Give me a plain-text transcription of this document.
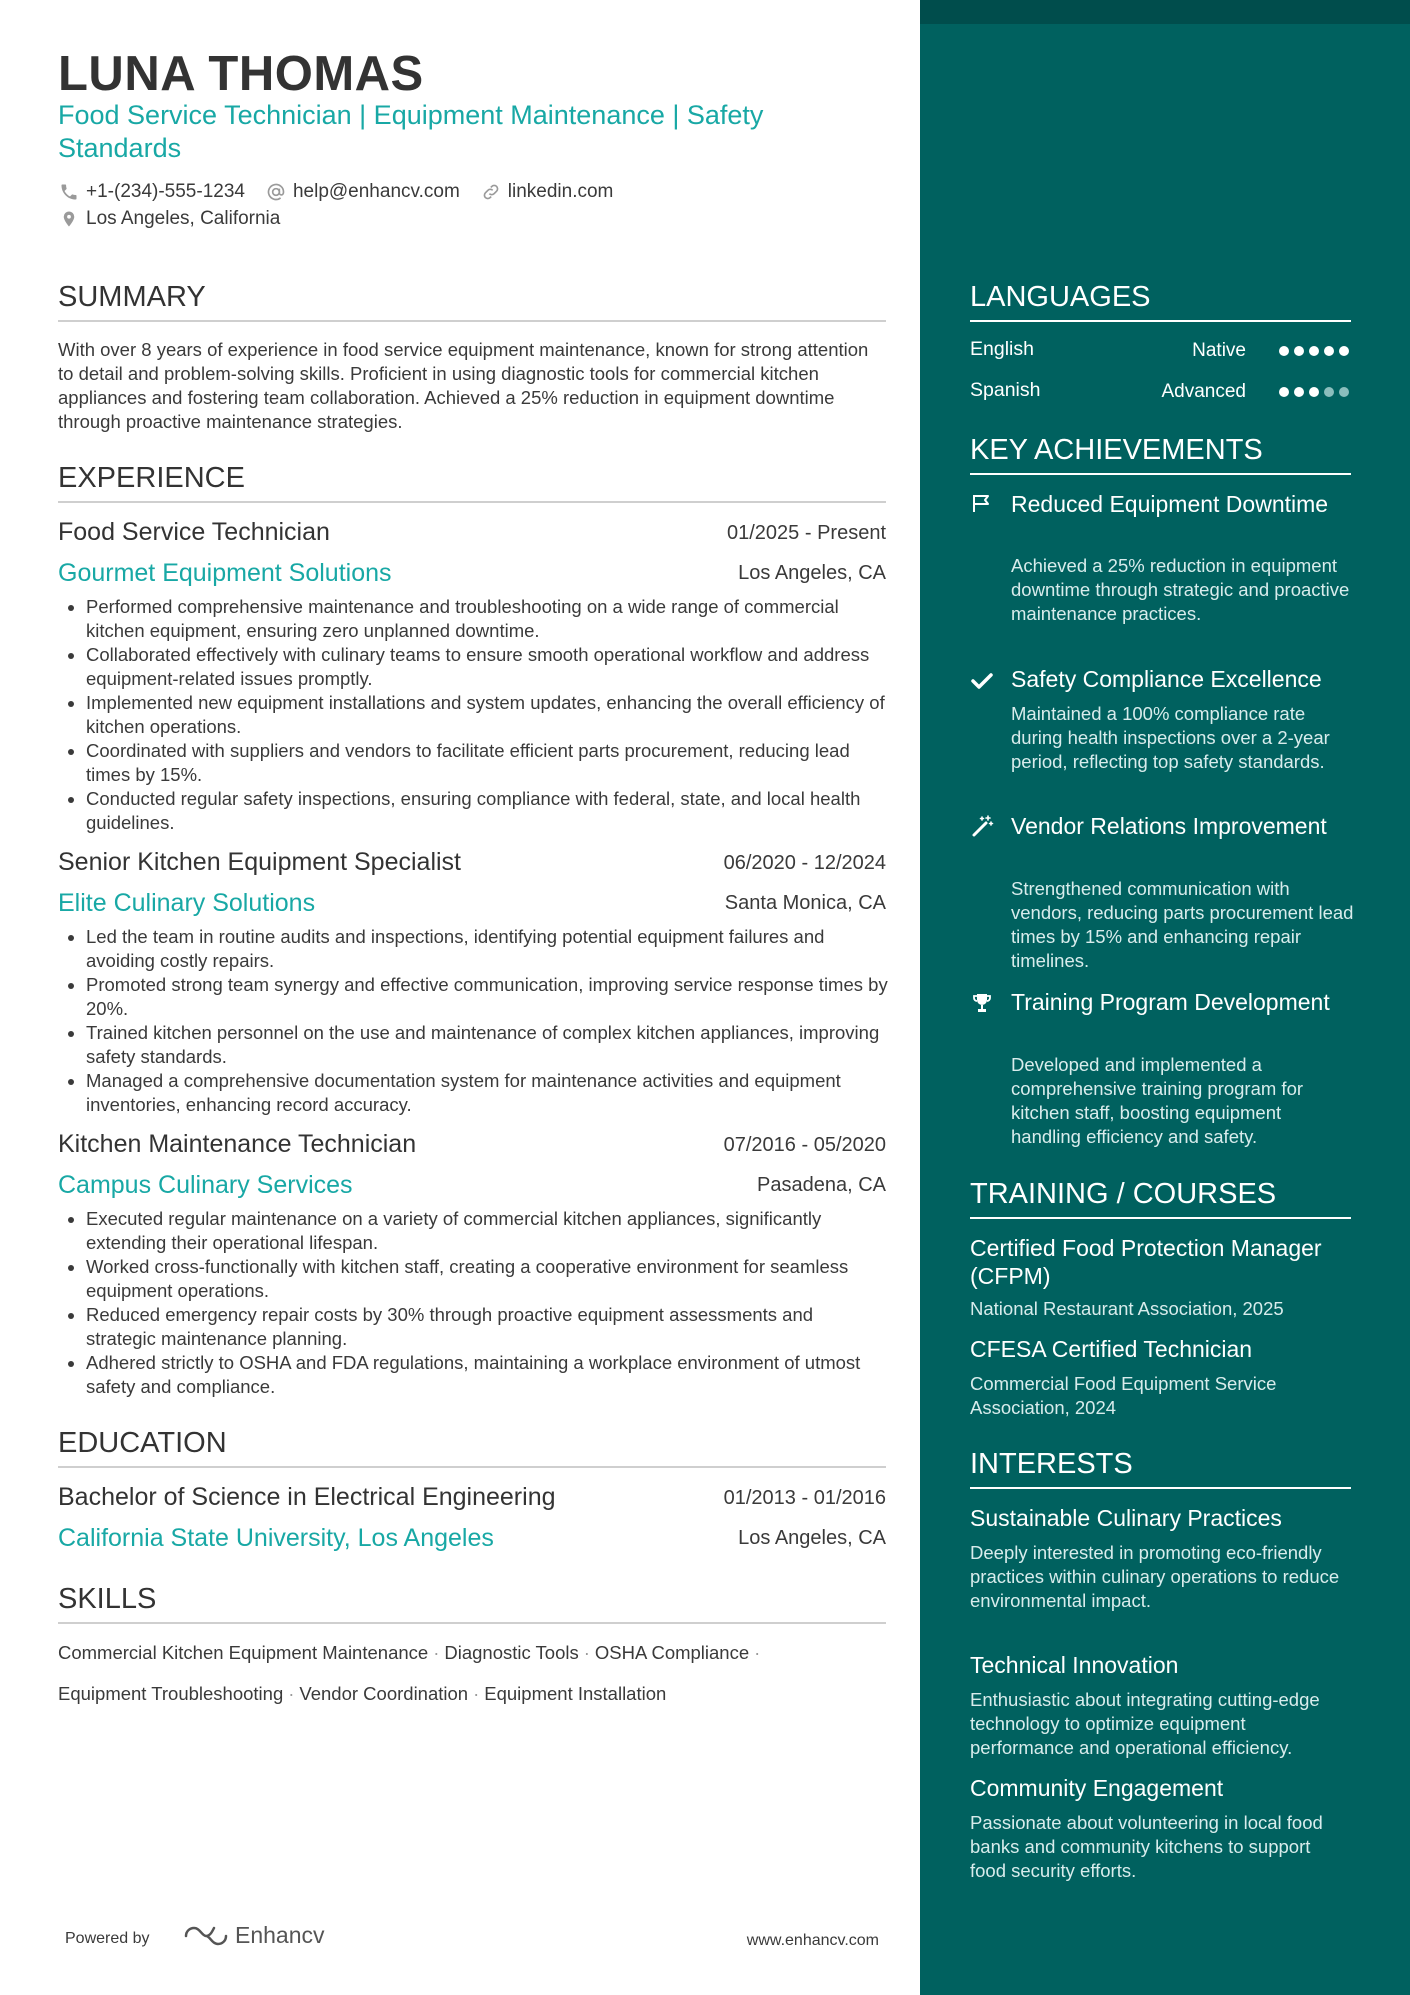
LUNA THOMAS
Food Service Technician | Equipment Maintenance | Safety Standards
+1-(234)-555-1234	help@enhancv.com	linkedin.com
Los Angeles, California
SUMMARY
With over 8 years of experience in food service equipment maintenance, known for strong attention to detail and problem-solving skills. Proficient in using diagnostic tools for commercial kitchen appliances and fostering team collaboration. Achieved a 25% reduction in equipment downtime through proactive maintenance strategies.
EXPERIENCE
Food Service Technician	01/2025 - Present
Gourmet Equipment Solutions	Los Angeles, CA
• Performed comprehensive maintenance and troubleshooting on a wide range of commercial kitchen equipment, ensuring zero unplanned downtime.
• Collaborated effectively with culinary teams to ensure smooth operational workflow and address equipment-related issues promptly.
• Implemented new equipment installations and system updates, enhancing the overall efficiency of kitchen operations.
• Coordinated with suppliers and vendors to facilitate efficient parts procurement, reducing lead times by 15%.
• Conducted regular safety inspections, ensuring compliance with federal, state, and local health guidelines.
Senior Kitchen Equipment Specialist	06/2020 - 12/2024
Elite Culinary Solutions	Santa Monica, CA
• Led the team in routine audits and inspections, identifying potential equipment failures and avoiding costly repairs.
• Promoted strong team synergy and effective communication, improving service response times by 20%.
• Trained kitchen personnel on the use and maintenance of complex kitchen appliances, improving safety standards.
• Managed a comprehensive documentation system for maintenance activities and equipment inventories, enhancing record accuracy.
Kitchen Maintenance Technician	07/2016 - 05/2020
Campus Culinary Services	Pasadena, CA
• Executed regular maintenance on a variety of commercial kitchen appliances, significantly extending their operational lifespan.
• Worked cross-functionally with kitchen staff, creating a cooperative environment for seamless equipment operations.
• Reduced emergency repair costs by 30% through proactive equipment assessments and strategic maintenance planning.
• Adhered strictly to OSHA and FDA regulations, maintaining a workplace environment of utmost safety and compliance.
EDUCATION
Bachelor of Science in Electrical Engineering	01/2013 - 01/2016
California State University, Los Angeles	Los Angeles, CA
SKILLS
Commercial Kitchen Equipment Maintenance · Diagnostic Tools · OSHA Compliance ·
Equipment Troubleshooting · Vendor Coordination · Equipment Installation
Powered by	Enhancv	www.enhancv.com
LANGUAGES
English	Native
Spanish	Advanced
KEY ACHIEVEMENTS
Reduced Equipment Downtime
Achieved a 25% reduction in equipment downtime through strategic and proactive maintenance practices.
Safety Compliance Excellence
Maintained a 100% compliance rate during health inspections over a 2-year period, reflecting top safety standards.
Vendor Relations Improvement
Strengthened communication with vendors, reducing parts procurement lead times by 15% and enhancing repair timelines.
Training Program Development
Developed and implemented a comprehensive training program for kitchen staff, boosting equipment handling efficiency and safety.
TRAINING / COURSES
Certified Food Protection Manager (CFPM)
National Restaurant Association, 2025
CFESA Certified Technician
Commercial Food Equipment Service Association, 2024
INTERESTS
Sustainable Culinary Practices
Deeply interested in promoting eco-friendly practices within culinary operations to reduce environmental impact.
Technical Innovation
Enthusiastic about integrating cutting-edge technology to optimize equipment performance and operational efficiency.
Community Engagement
Passionate about volunteering in local food banks and community kitchens to support food security efforts.
